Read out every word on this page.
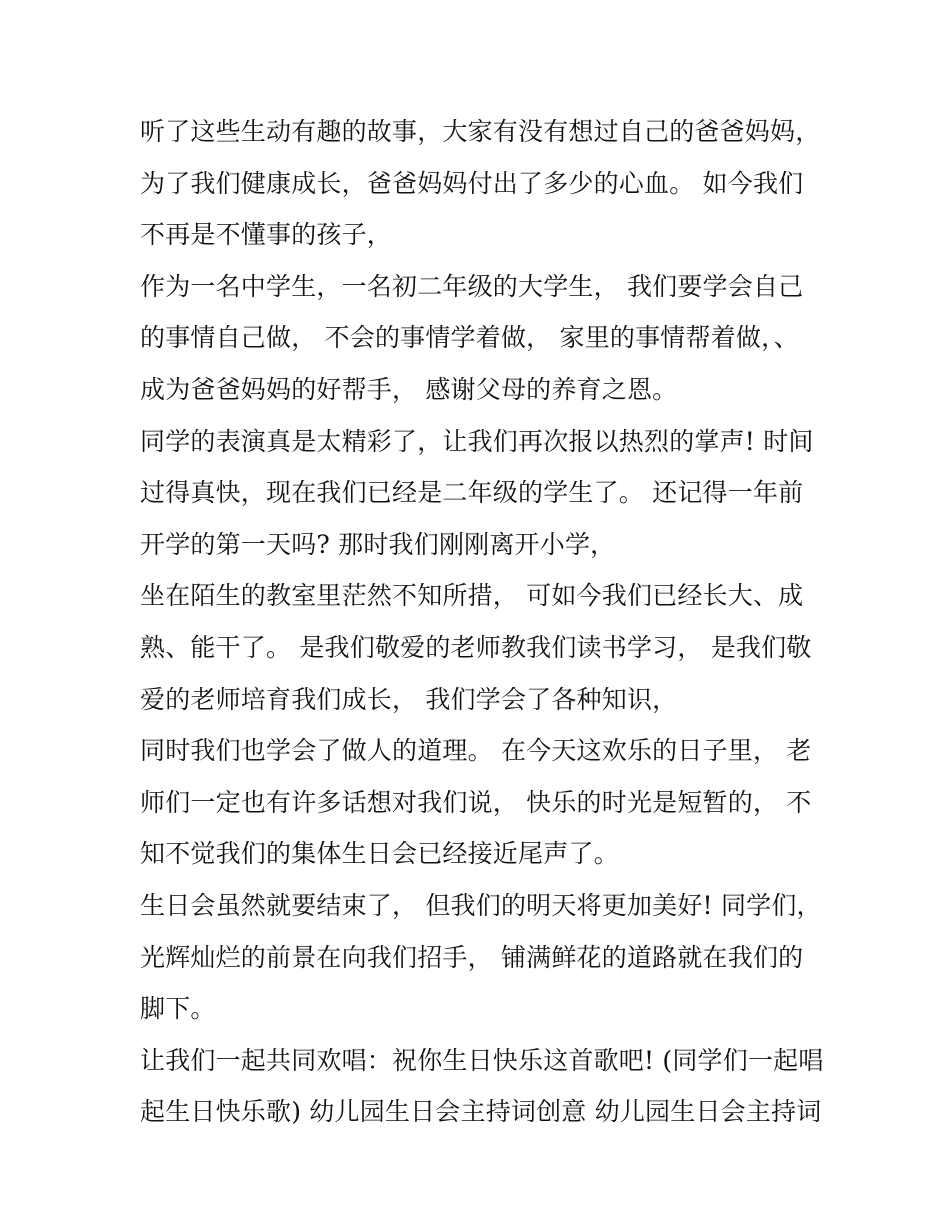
听了这些生动有趣的故事，大家有没有想过自己的爸爸妈妈，
为了我们健康成长，爸爸妈妈付出了多少的心血。 如今我们
不再是不懂事的孩子，
作为一名中学生，一名初二年级的大学生， 我们要学会自己
的事情自己做， 不会的事情学着做， 家里的事情帮着做，、
成为爸爸妈妈的好帮手， 感谢父母的养育之恩。
同学的表演真是太精彩了，让我们再次报以热烈的掌声! 时间
过得真快，现在我们已经是二年级的学生了。 还记得一年前
开学的第一天吗? 那时我们刚刚离开小学，
坐在陌生的教室里茫然不知所措， 可如今我们已经长大、成
熟、能干了。 是我们敬爱的老师教我们读书学习， 是我们敬
爱的老师培育我们成长， 我们学会了各种知识，
同时我们也学会了做人的道理。 在今天这欢乐的日子里， 老
师们一定也有许多话想对我们说， 快乐的时光是短暂的， 不
知不觉我们的集体生日会已经接近尾声了。
生日会虽然就要结束了， 但我们的明天将更加美好! 同学们，
光辉灿烂的前景在向我们招手， 铺满鲜花的道路就在我们的
脚下。
让我们一起共同欢唱：祝你生日快乐这首歌吧! (同学们一起唱
起生日快乐歌) 幼儿园生日会主持词创意 幼儿园生日会主持词
